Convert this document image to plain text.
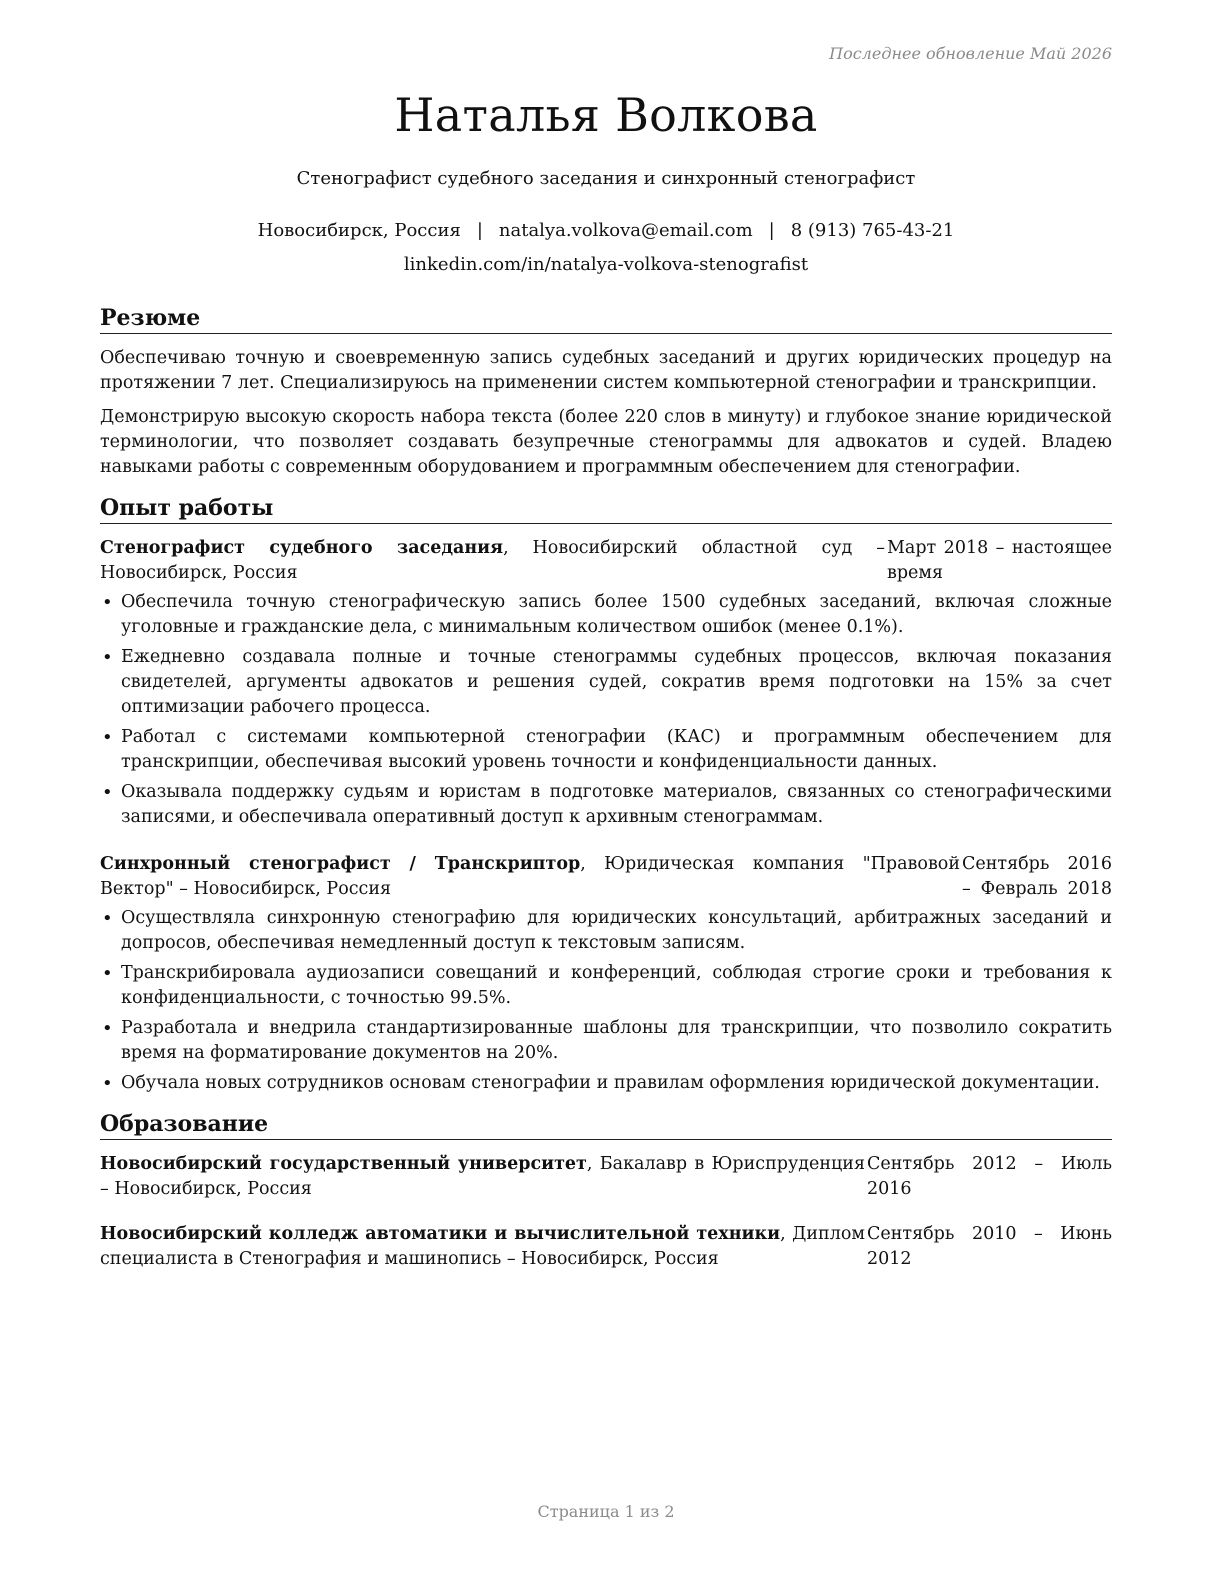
Последнее обновление Май 2026
Наталья Волкова
Стенографист судебного заседания и синхронный стенографист
Новосибирск, Россия | natalya.volkova@email.com | 8 (913) 765-43-21
linkedin.com/in/natalya-volkova-stenografist
Резюме

Обеспечиваю точную и своевременную запись судебных заседаний и других юридических процедур на протяжении 7 лет. Специализируюсь на применении систем компьютерной стенографии и транскрипции.

Демонстрирую высокую скорость набора текста (более 220 слов в минуту) и глубокое знание юридической терминологии, что позволяет создавать безупречные стенограммы для адвокатов и судей. Владею навыками работы с современным оборудованием и программным обеспечением для стенографии.

Опыт работы
Стенографист судебного заседания, Новосибирский областной суд – Новосибирск, Россия
Март 2018 – настоящее время
• Обеспечила точную стенографическую запись более 1500 судебных заседаний, включая сложные уголовные и гражданские дела, с минимальным количеством ошибок (менее 0.1%).
• Ежедневно создавала полные и точные стенограммы судебных процессов, включая показания свидетелей, аргументы адвокатов и решения судей, сократив время подготовки на 15% за счет оптимизации рабочего процесса.
• Работал с системами компьютерной стенографии (КАС) и программным обеспечением для транскрипции, обеспечивая высокий уровень точности и конфиденциальности данных.
• Оказывала поддержку судьям и юристам в подготовке материалов, связанных со стенографическими записями, и обеспечивала оперативный доступ к архивным стенограммам.
Синхронный стенографист / Транскриптор, Юридическая компания "Правовой Вектор" – Новосибирск, Россия
Сентябрь 2016 – Февраль 2018
• Осуществляла синхронную стенографию для юридических консультаций, арбитражных заседаний и допросов, обеспечивая немедленный доступ к текстовым записям.
• Транскрибировала аудиозаписи совещаний и конференций, соблюдая строгие сроки и требования к конфиденциальности, с точностью 99.5%.
• Разработала и внедрила стандартизированные шаблоны для транскрипции, что позволило сократить время на форматирование документов на 20%.
• Обучала новых сотрудников основам стенографии и правилам оформления юридической документации.
Образование
Новосибирский государственный университет, Бакалавр в Юриспруденция – Новосибирск, Россия
Сентябрь 2012 – Июль 2016
Новосибирский колледж автоматики и вычислительной техники, Диплом специалиста в Стенография и машинопись – Новосибирск, Россия
Сентябрь 2010 – Июнь 2012
Страница 1 из 2
